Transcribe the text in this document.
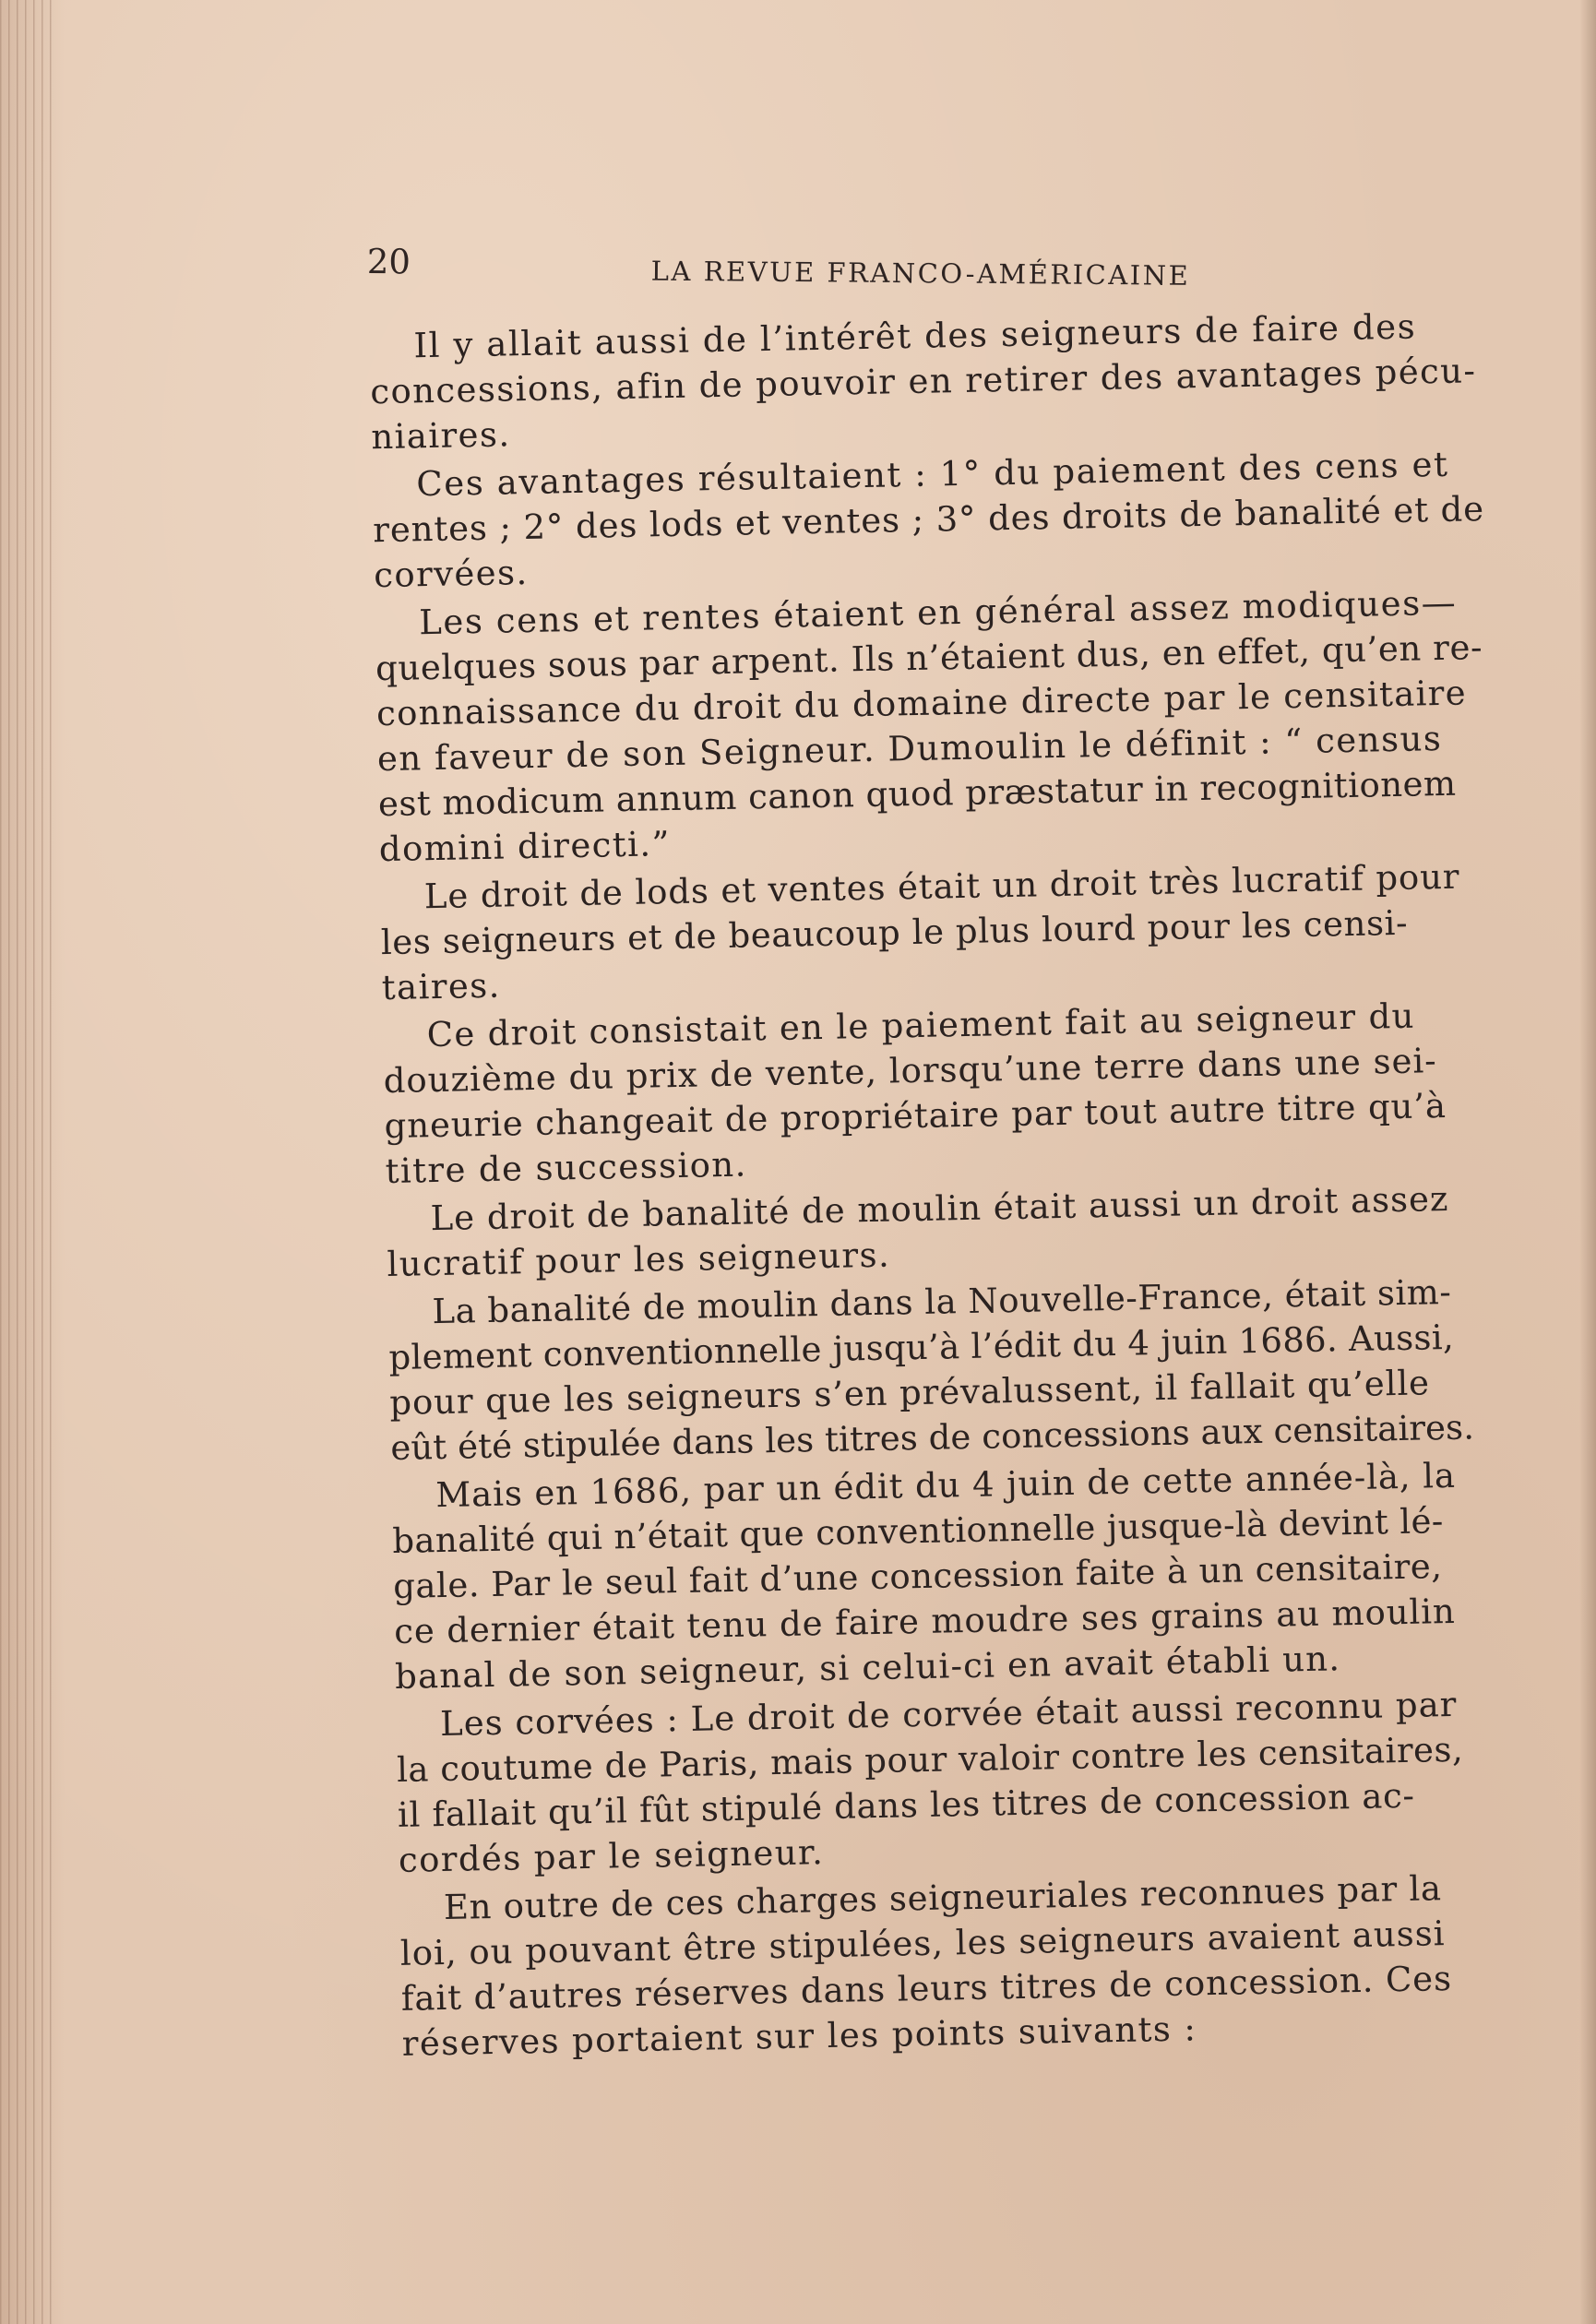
20	LA REVUE FRANCO-AMÉRICAINE
Il y allait aussi de l’intérêt des seigneurs de faire des
concessions, afin de pouvoir en retirer des avantages pécu-
niaires.
Ces avantages résultaient : 1° du paiement des cens et
rentes ; 2° des lods et ventes ; 3° des droits de banalité et de
corvées.
Les cens et rentes étaient en général assez modiques—
quelques sous par arpent. Ils n’étaient dus, en effet, qu’en re-
connaissance du droit du domaine directe par le censitaire
en faveur de son Seigneur. Dumoulin le définit : “ census
est modicum annum canon quod præstatur in recognitionem
domini directi.”
Le droit de lods et ventes était un droit très lucratif pour
les seigneurs et de beaucoup le plus lourd pour les censi-
taires.
Ce droit consistait en le paiement fait au seigneur du
douzième du prix de vente, lorsqu’une terre dans une sei-
gneurie changeait de propriétaire par tout autre titre qu’à
titre de succession.
Le droit de banalité de moulin était aussi un droit assez
lucratif pour les seigneurs.
La banalité de moulin dans la Nouvelle-France, était sim-
plement conventionnelle jusqu’à l’édit du 4 juin 1686. Aussi,
pour que les seigneurs s’en prévalussent, il fallait qu’elle
eût été stipulée dans les titres de concessions aux censitaires.
Mais en 1686, par un édit du 4 juin de cette année-là, la
banalité qui n’était que conventionnelle jusque-là devint lé-
gale. Par le seul fait d’une concession faite à un censitaire,
ce dernier était tenu de faire moudre ses grains au moulin
banal de son seigneur, si celui-ci en avait établi un.
Les corvées : Le droit de corvée était aussi reconnu par
la coutume de Paris, mais pour valoir contre les censitaires,
il fallait qu’il fût stipulé dans les titres de concession ac-
cordés par le seigneur.
En outre de ces charges seigneuriales reconnues par la
loi, ou pouvant être stipulées, les seigneurs avaient aussi
fait d’autres réserves dans leurs titres de concession. Ces
réserves portaient sur les points suivants :
